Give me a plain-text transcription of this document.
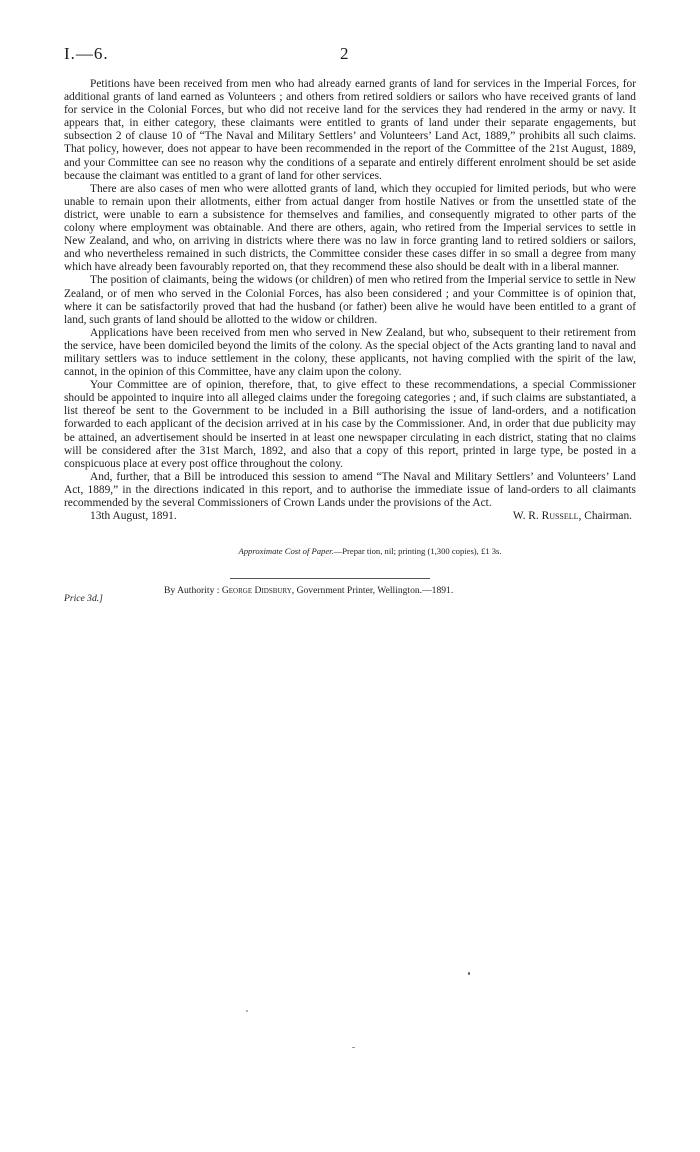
I.—6.	2

Petitions have been received from men who had already earned grants of land for services in the Imperial Forces, for additional grants of land earned as Volunteers ; and others from retired soldiers or sailors who have received grants of land for service in the Colonial Forces, but who did not receive land for the services they had rendered in the army or navy. It appears that, in either category, these claimants were entitled to grants of land under their separate engagements, but subsection 2 of clause 10 of “The Naval and Military Settlers’ and Volunteers’ Land Act, 1889,” prohibits all such claims. That policy, however, does not appear to have been recommended in the report of the Committee of the 21st August, 1889, and your Committee can see no reason why the conditions of a separate and entirely different enrolment should be set aside because the claimant was entitled to a grant of land for other services.

There are also cases of men who were allotted grants of land, which they occupied for limited periods, but who were unable to remain upon their allotments, either from actual danger from hostile Natives or from the unsettled state of the district, were unable to earn a subsistence for themselves and families, and consequently migrated to other parts of the colony where employment was obtainable. And there are others, again, who retired from the Imperial services to settle in New Zealand, and who, on arriving in districts where there was no law in force granting land to retired soldiers or sailors, and who nevertheless remained in such districts, the Committee consider these cases differ in so small a degree from many which have already been favourably reported on, that they recommend these also should be dealt with in a liberal manner.

The position of claimants, being the widows (or children) of men who retired from the Imperial service to settle in New Zealand, or of men who served in the Colonial Forces, has also been considered ; and your Committee is of opinion that, where it can be satisfactorily proved that had the husband (or father) been alive he would have been entitled to a grant of land, such grants of land should be allotted to the widow or children.

Applications have been received from men who served in New Zealand, but who, subsequent to their retirement from the service, have been domiciled beyond the limits of the colony. As the special object of the Acts granting land to naval and military settlers was to induce settlement in the colony, these applicants, not having complied with the spirit of the law, cannot, in the opinion of this Committee, have any claim upon the colony.

Your Committee are of opinion, therefore, that, to give effect to these recommendations, a special Commissioner should be appointed to inquire into all alleged claims under the foregoing categories ; and, if such claims are substantiated, a list thereof be sent to the Government to be included in a Bill authorising the issue of land-orders, and a notification forwarded to each applicant of the decision arrived at in his case by the Commissioner. And, in order that due publicity may be attained, an advertisement should be inserted in at least one newspaper circulating in each district, stating that no claims will be considered after the 31st March, 1892, and also that a copy of this report, printed in large type, be posted in a conspicuous place at every post office throughout the colony.

And, further, that a Bill be introduced this session to amend “The Naval and Military Settlers’ and Volunteers’ Land Act, 1889,” in the directions indicated in this report, and to authorise the immediate issue of land-orders to all claimants recommended by the several Commissioners of Crown Lands under the provisions of the Act.

13th August, 1891.	W. R. Russell, Chairman.
Approximate Cost of Paper.—Prepar tion, nil; printing (1,300 copies), £1 3s.
By Authority : George Didsbury, Government Printer, Wellington.—1891.
Price 3d.]
